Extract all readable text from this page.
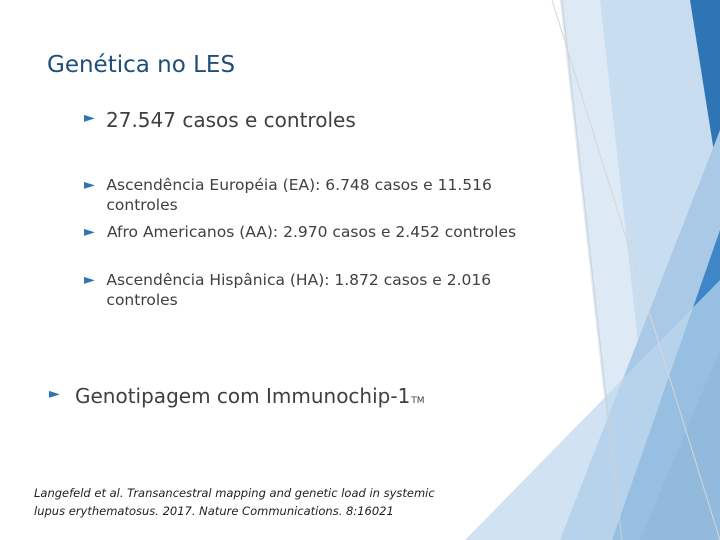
Genética no LES
► 27.547 casos e controles
► Ascendência Européia (EA): 6.748 casos e 11.516 controles
► Afro Americanos (AA): 2.970 casos e 2.452 controles
► Ascendência Hispânica (HA): 1.872 casos e 2.016 controles
► Genotipagem com Immunochip-1TM
Langefeld et al. Transancestral mapping and genetic load in systemic
lupus erythematosus. 2017. Nature Communications. 8:16021
